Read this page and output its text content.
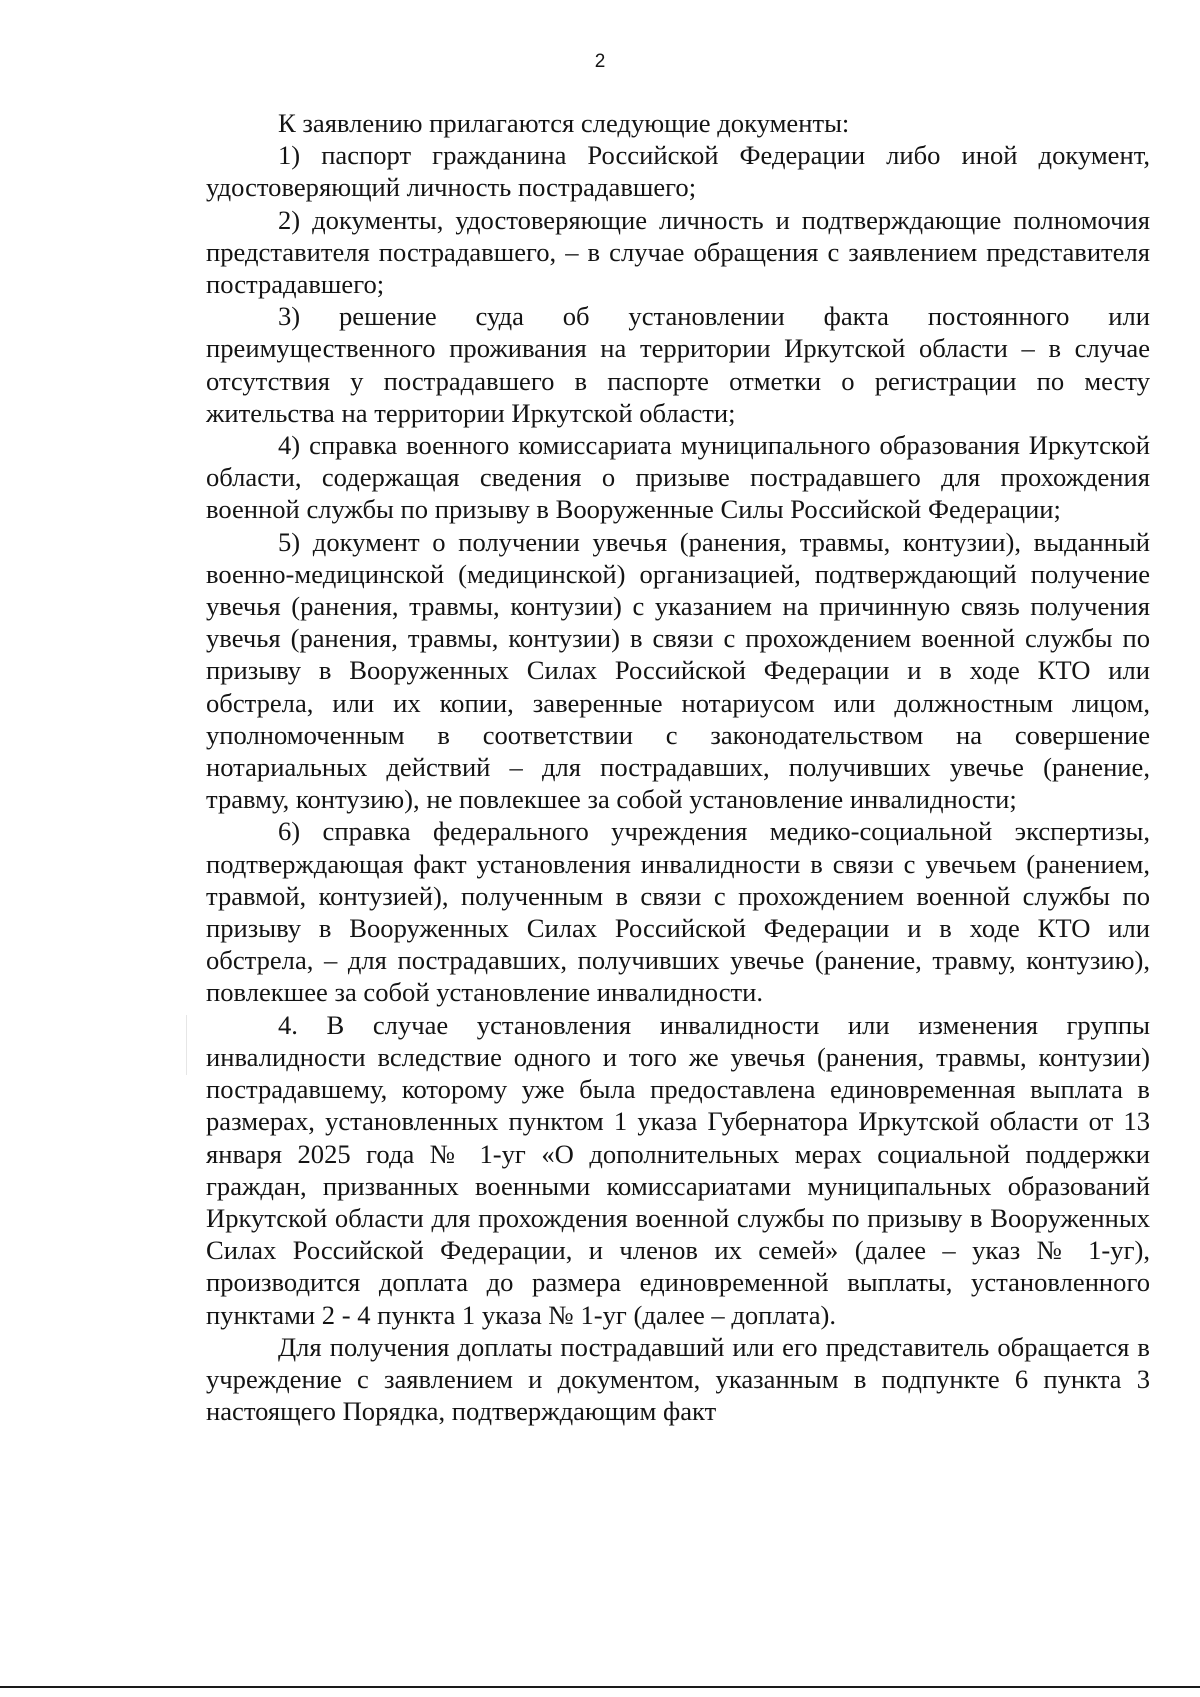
2

К заявлению прилагаются следующие документы:

1) паспорт гражданина Российской Федерации либо иной документ, удостоверяющий личность пострадавшего;

2) документы, удостоверяющие личность и подтверждающие полномочия представителя пострадавшего, – в случае обращения с заявлением представителя пострадавшего;

3) решение суда об установлении факта постоянного или преимущественного проживания на территории Иркутской области – в случае отсутствия у пострадавшего в паспорте отметки о регистрации по месту жительства на территории Иркутской области;

4) справка военного комиссариата муниципального образования Иркутской области, содержащая сведения о призыве пострадавшего для прохождения военной службы по призыву в Вооруженные Силы Российской Федерации;

5) документ о получении увечья (ранения, травмы, контузии), выданный военно-медицинской (медицинской) организацией, подтверждающий получение увечья (ранения, травмы, контузии) с указанием на причинную связь получения увечья (ранения, травмы, контузии) в связи с прохождением военной службы по призыву в Вооруженных Силах Российской Федерации и в ходе КТО или обстрела, или их копии, заверенные нотариусом или должностным лицом, уполномоченным в соответствии с законодательством на совершение нотариальных действий – для пострадавших, получивших увечье (ранение, травму, контузию), не повлекшее за собой установление инвалидности;

6) справка федерального учреждения медико-социальной экспертизы, подтверждающая факт установления инвалидности в связи с увечьем (ранением, травмой, контузией), полученным в связи с прохождением военной службы по призыву в Вооруженных Силах Российской Федерации и в ходе КТО или обстрела, – для пострадавших, получивших увечье (ранение, травму, контузию), повлекшее за собой установление инвалидности.

4. В случае установления инвалидности или изменения группы инвалидности вследствие одного и того же увечья (ранения, травмы, контузии) пострадавшему, которому уже была предоставлена единовременная выплата в размерах, установленных пунктом 1 указа Губернатора Иркутской области от 13 января 2025 года № 1-уг «О дополнительных мерах социальной поддержки граждан, призванных военными комиссариатами муниципальных образований Иркутской области для прохождения военной службы по призыву в Вооруженных Силах Российской Федерации, и членов их семей» (далее – указ № 1-уг), производится доплата до размера единовременной выплаты, установленного пунктами 2 - 4 пункта 1 указа № 1-уг (далее – доплата).

Для получения доплаты пострадавший или его представитель обращается в учреждение с заявлением и документом, указанным в подпункте 6 пункта 3 настоящего Порядка, подтверждающим факт
